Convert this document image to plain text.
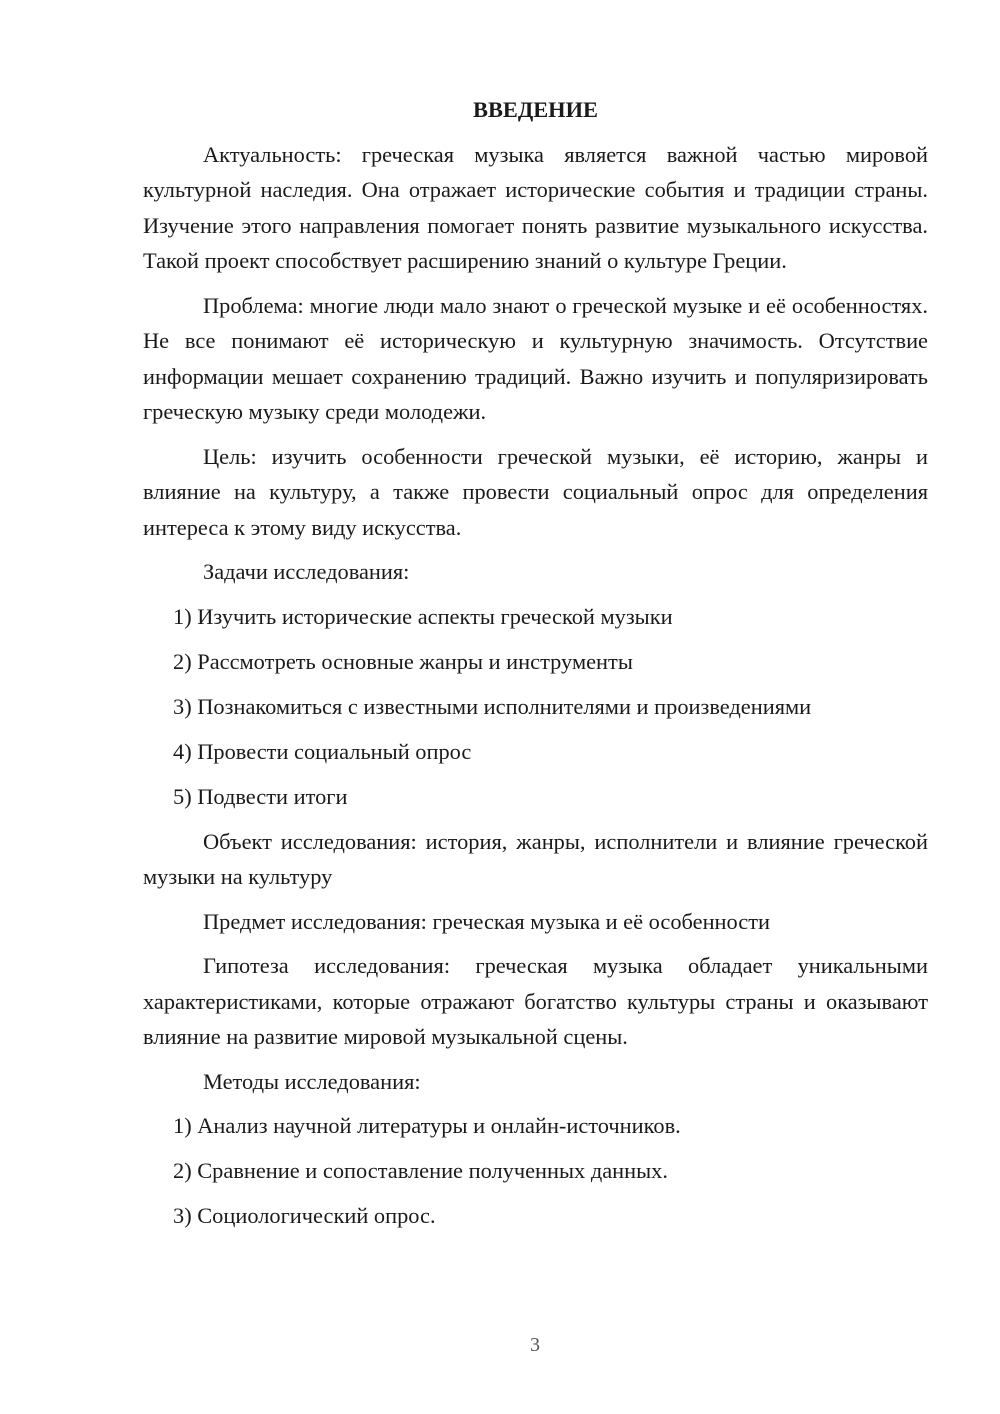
ВВЕДЕНИЕ

Актуальность: греческая музыка является важной частью мировой культурной наследия. Она отражает исторические события и традиции страны. Изучение этого направления помогает понять развитие музыкального искусства. Такой проект способствует расширению знаний о культуре Греции.

Проблема: многие люди мало знают о греческой музыке и её особенностях. Не все понимают её историческую и культурную значимость. Отсутствие информации мешает сохранению традиций. Важно изучить и популяризировать греческую музыку среди молодежи.

Цель: изучить особенности греческой музыки, её историю, жанры и влияние на культуру, а также провести социальный опрос для определения интереса к этому виду искусства.

Задачи исследования:
1) Изучить исторические аспекты греческой музыки
2) Рассмотреть основные жанры и инструменты
3) Познакомиться с известными исполнителями и произведениями
4) Провести социальный опрос
5) Подвести итоги

Объект исследования: история, жанры, исполнители и влияние греческой музыки на культуру

Предмет исследования: греческая музыка и её особенности

Гипотеза исследования: греческая музыка обладает уникальными характеристиками, которые отражают богатство культуры страны и оказывают влияние на развитие мировой музыкальной сцены.

Методы исследования:
1) Анализ научной литературы и онлайн-источников.
2) Сравнение и сопоставление полученных данных.
3) Социологический опрос.
3
